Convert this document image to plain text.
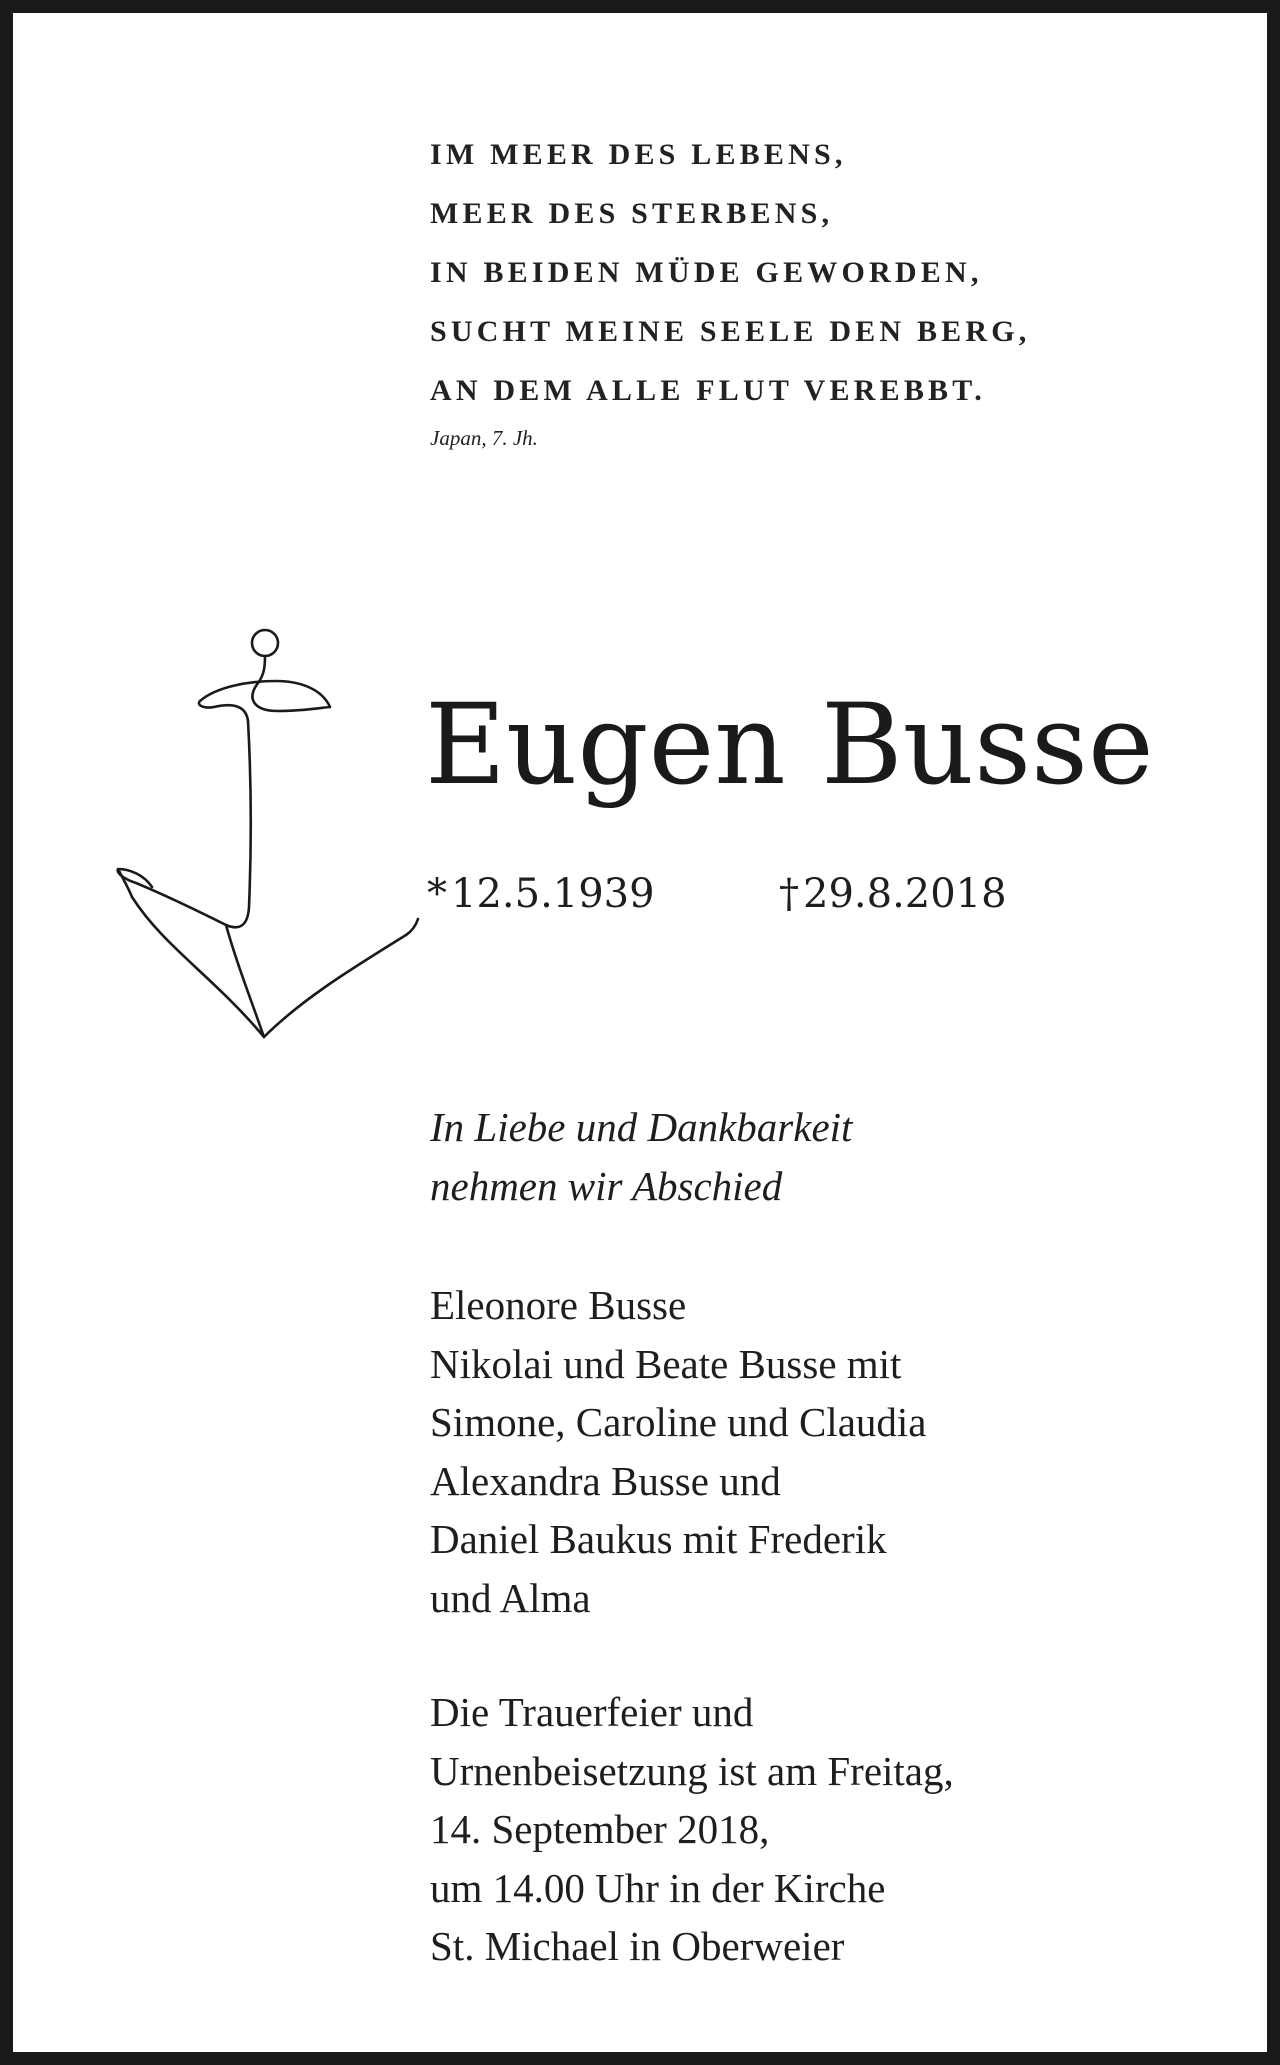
IM MEER DES LEBENS,
MEER DES STERBENS,
IN BEIDEN MÜDE GEWORDEN,
SUCHT MEINE SEELE DEN BERG,
AN DEM ALLE FLUT VEREBBT.
Japan, 7. Jh.
Eugen Busse
* 12.5.1939	† 29.8.2018
In Liebe und Dankbarkeit
nehmen wir Abschied
Eleonore Busse
Nikolai und Beate Busse mit
Simone, Caroline und Claudia
Alexandra Busse und
Daniel Baukus mit Frederik
und Alma
Die Trauerfeier und
Urnenbeisetzung ist am Freitag,
14. September 2018,
um 14.00 Uhr in der Kirche
St. Michael in Oberweier
